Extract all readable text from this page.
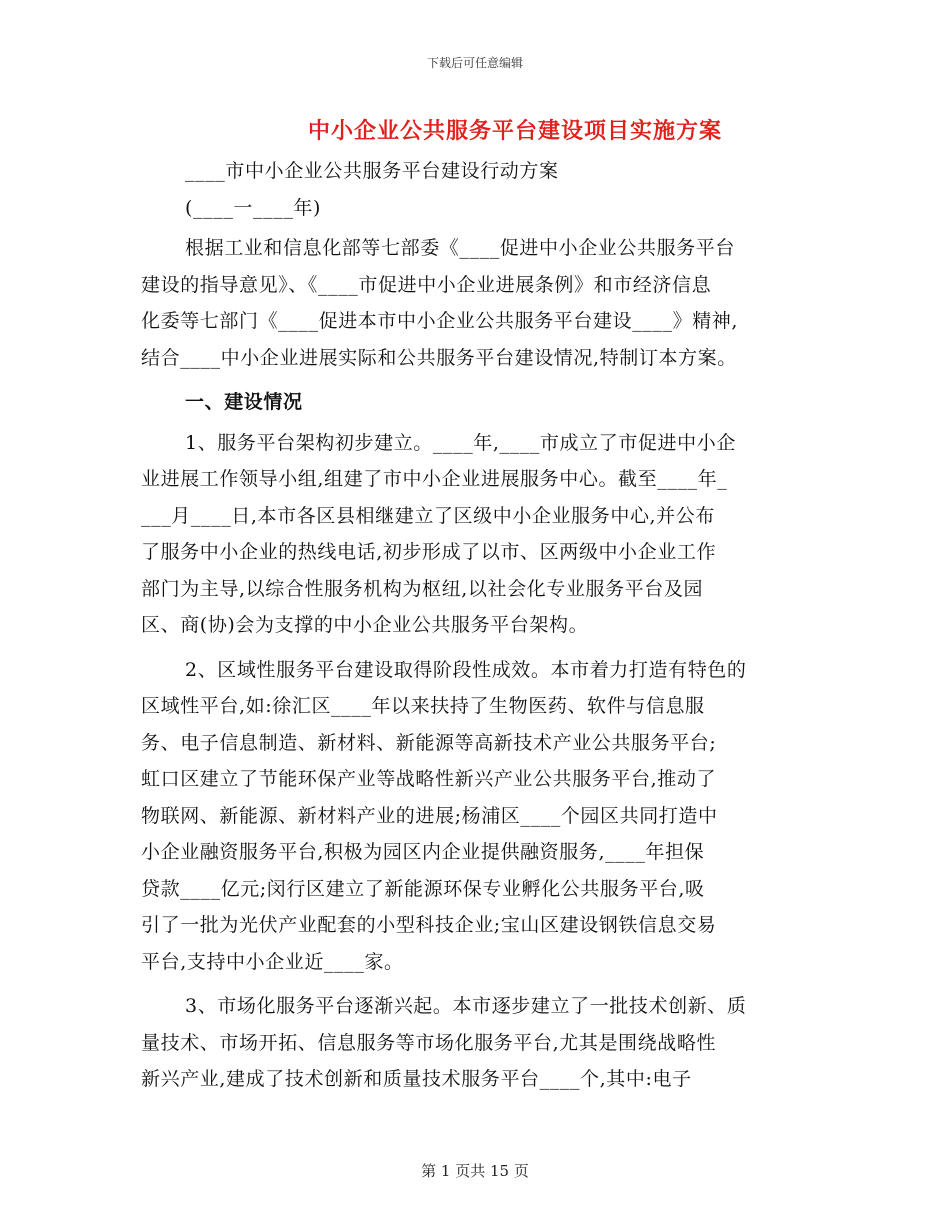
下载后可任意编辑
中小企业公共服务平台建设项目实施方案
____市中小企业公共服务平台建设行动方案
(____一____年)
根据工业和信息化部等七部委《____促进中小企业公共服务平台
建设的指导意见》、《____市促进中小企业进展条例》和市经济信息
化委等七部门《____促进本市中小企业公共服务平台建设____》精神,
结合____中小企业进展实际和公共服务平台建设情况,特制订本方案。
一、建设情况
1、服务平台架构初步建立。____年,____市成立了市促进中小企
业进展工作领导小组,组建了市中小企业进展服务中心。截至____年_
___月____日,本市各区县相继建立了区级中小企业服务中心,并公布
了服务中小企业的热线电话,初步形成了以市、区两级中小企业工作
部门为主导,以综合性服务机构为枢纽,以社会化专业服务平台及园
区、商(协)会为支撑的中小企业公共服务平台架构。
2、区域性服务平台建设取得阶段性成效。本市着力打造有特色的
区域性平台,如:徐汇区____年以来扶持了生物医药、软件与信息服
务、电子信息制造、新材料、新能源等高新技术产业公共服务平台;
虹口区建立了节能环保产业等战略性新兴产业公共服务平台,推动了
物联网、新能源、新材料产业的进展;杨浦区____个园区共同打造中
小企业融资服务平台,积极为园区内企业提供融资服务,____年担保
贷款____亿元;闵行区建立了新能源环保专业孵化公共服务平台,吸
引了一批为光伏产业配套的小型科技企业;宝山区建设钢铁信息交易
平台,支持中小企业近____家。
3、市场化服务平台逐渐兴起。本市逐步建立了一批技术创新、质
量技术、市场开拓、信息服务等市场化服务平台,尤其是围绕战略性
新兴产业,建成了技术创新和质量技术服务平台____个,其中:电子
第 1 页共 15 页
